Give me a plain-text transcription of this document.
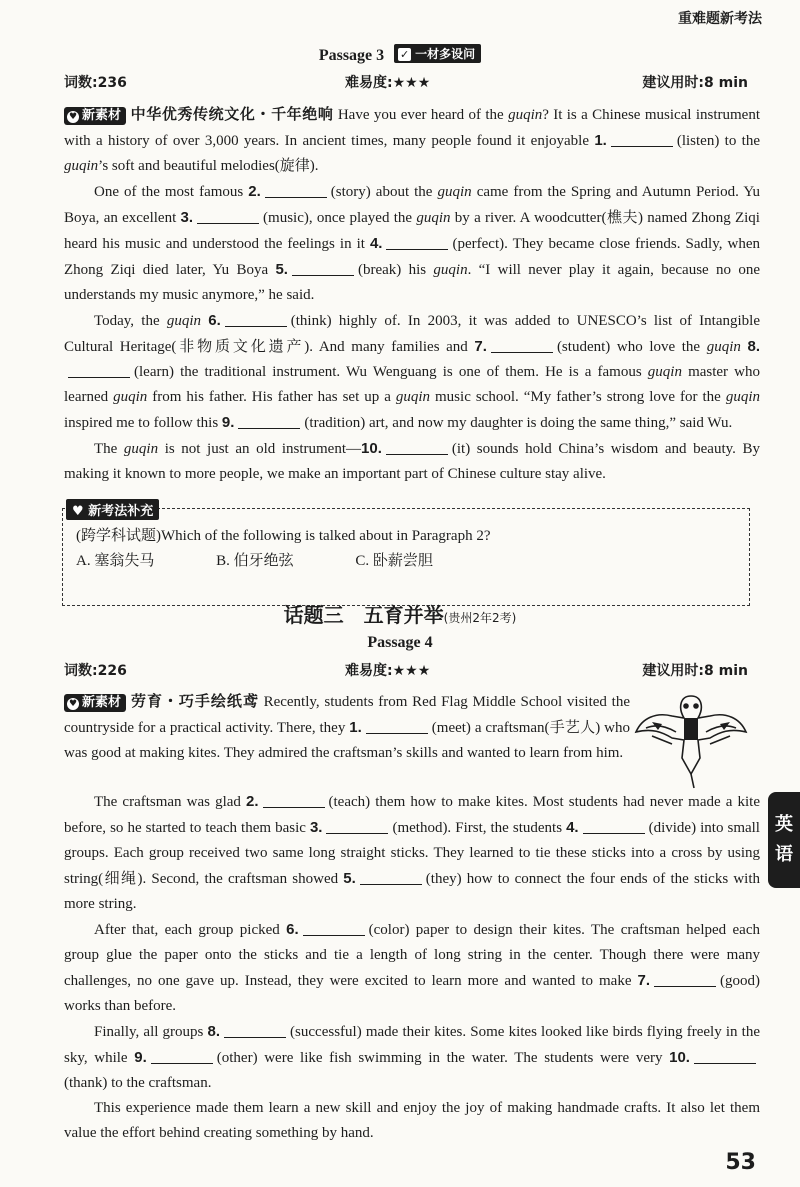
重难题新考法
Passage 3 ✓ 一材多设问
词数:236	难易度:★★★	建议用时:8 min

♥ 新素材 中华优秀传统文化・千年绝响 Have you ever heard of the guqin? It is a Chinese musical instrument with a history of over 3,000 years. In ancient times, many people found it enjoyable 1.	(listen) to the guqin’s soft and beautiful melodies(旋律).

One of the most famous 2.	(story) about the guqin came from the Spring and Autumn Period. Yu Boya, an excellent 3.	(music), once played the guqin by a river. A woodcutter(樵夫) named Zhong Ziqi heard his music and understood the feelings in it 4.	(perfect). They became close friends. Sadly, when Zhong Ziqi died later, Yu Boya 5.	(break) his guqin. “I will never play it again, because no one understands my music anymore,” he said.

Today, the guqin 6.	(think) highly of. In 2003, it was added to UNESCO’s list of Intangible Cultural Heritage(非物质文化遗产). And many families and 7.	(student) who love the guqin 8.(learn) the traditional instrument. Wu Wenguang is one of them. He is a famous guqin master who learned guqin from his father. His father has set up a guqin music school. “My father’s strong love for the guqin inspired me to follow this 9.	(tradition) art, and now my daughter is doing the same thing,” said Wu.

The guqin is not just an old instrument—10.	(it) sounds hold China’s wisdom and beauty. By making it known to more people, we make an important part of Chinese culture stay alive.

♥ 新考法补充
(跨学科试题)Which of the following is talked about in Paragraph 2?
A. 塞翁失马	B. 伯牙绝弦	C. 卧薪尝胆
话题三　五育并举(贵州2年2考)
Passage 4
词数:226	难易度:★★★	建议用时:8 min

♥ 新素材 劳育・巧手绘纸鸢 Recently, students from Red Flag Middle School visited the countryside for a practical activity. There, they 1.	(meet) a craftsman(手艺人) who was good at making kites. They admired the craftsman’s skills and wanted to learn from him.

The craftsman was glad 2.	(teach) them how to make kites. Most students had never made a kite before, so he started to teach them basic 3.	(method). First, the students 4.	(divide) into small groups. Each group received two same long straight sticks. They learned to tie these sticks into a cross by using string(细绳). Second, the craftsman showed 5.	(they) how to connect the four ends of the sticks with more string.

After that, each group picked 6.	(color) paper to design their kites. The craftsman helped each group glue the paper onto the sticks and tie a length of long string in the center. Though there were many challenges, no one gave up. Instead, they were excited to learn more and wanted to make 7.	(good) works than before.

Finally, all groups 8.	(successful) made their kites. Some kites looked like birds flying freely in the sky, while 9.	(other) were like fish swimming in the water. The students were very 10.(thank) to the craftsman.

This experience made them learn a new skill and enjoy the joy of making handmade crafts. It also let them value the effort behind creating something by hand.

英
语
53
